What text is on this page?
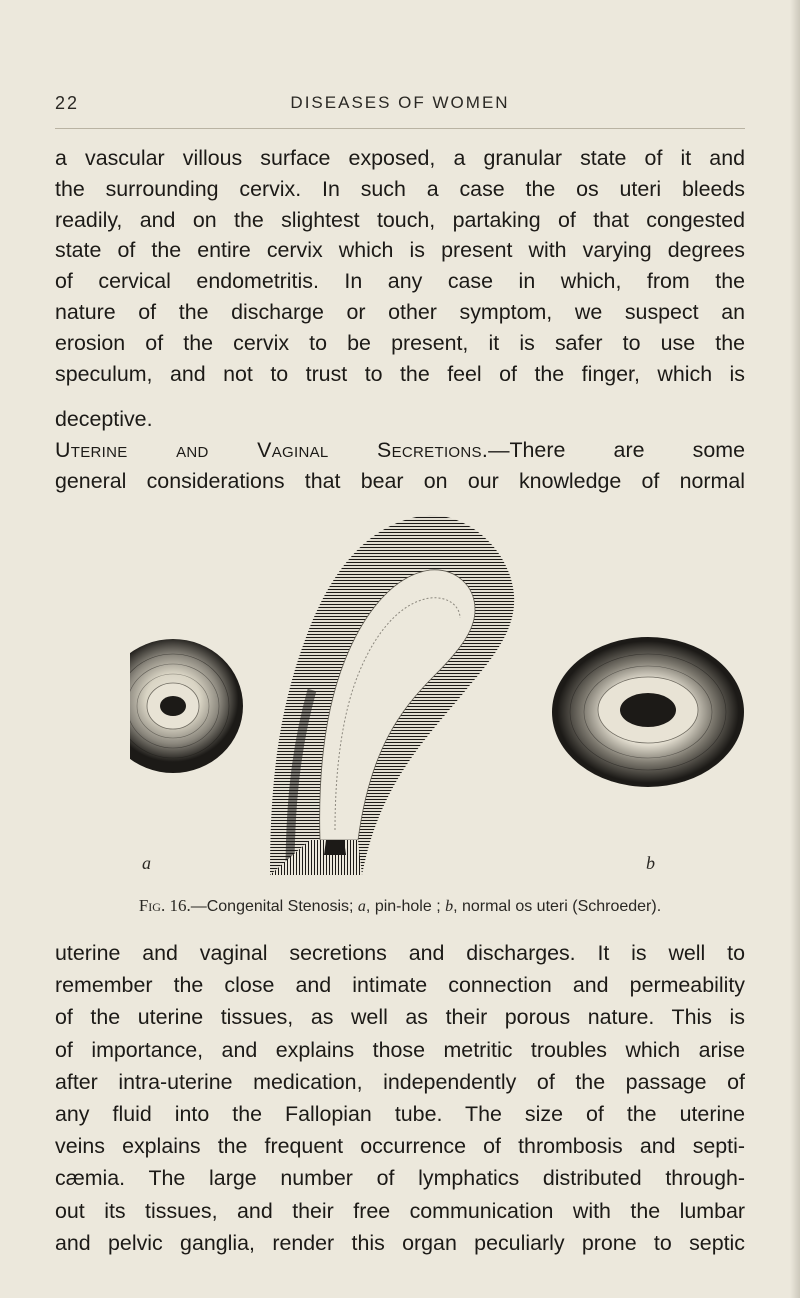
22	DISEASES OF WOMEN
a vascular villous surface exposed, a granular state of it and
the surrounding cervix. In such a case the os uteri bleeds
readily, and on the slightest touch, partaking of that congested
state of the entire cervix which is present with varying degrees
of cervical endometritis. In any case in which, from the
nature of the discharge or other symptom, we suspect an
erosion of the cervix to be present, it is safer to use the
speculum, and not to trust to the feel of the finger, which is

deceptive.

Uterine and Vaginal Secretions.—There are some
general considerations that bear on our knowledge of normal
a	b
Fig. 16.—Congenital Stenosis; a, pin-hole ; b, normal os uteri (Schroeder).
uterine and vaginal secretions and discharges. It is well to
remember the close and intimate connection and permeability
of the uterine tissues, as well as their porous nature. This is
of importance, and explains those metritic troubles which arise
after intra-uterine medication, independently of the passage of
any fluid into the Fallopian tube. The size of the uterine
veins explains the frequent occurrence of thrombosis and septi-
cæmia. The large number of lymphatics distributed through-
out its tissues, and their free communication with the lumbar
and pelvic ganglia, render this organ peculiarly prone to septic
